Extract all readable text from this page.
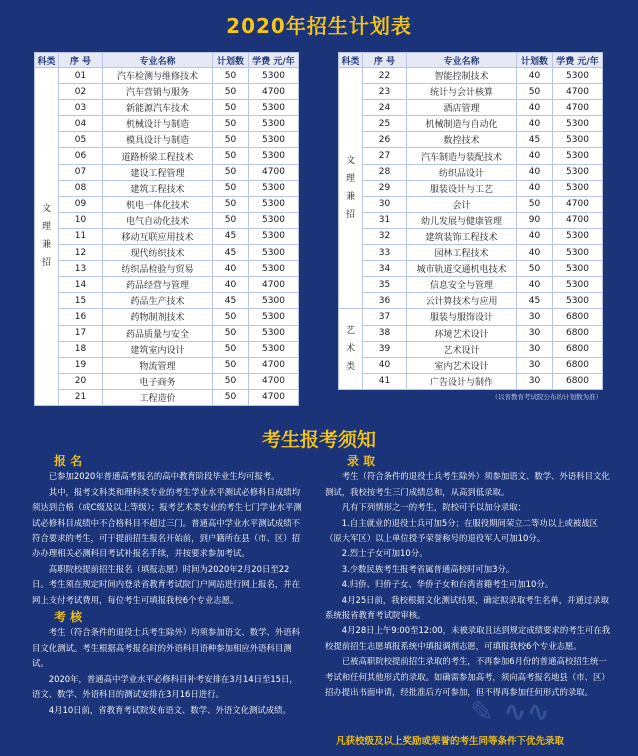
2020年招生计划表
科类	序 号	专业名称	计划数	学费 元/年
文
理
兼
招	01	汽车检测与维修技术	50	5300
	02	汽车营销与服务	50	4700
	03	新能源汽车技术	50	5300
	04	机械设计与制造	50	5300
	05	模具设计与制造	50	5300
	06	道路桥梁工程技术	50	5300
	07	建设工程管理	50	4700
	08	建筑工程技术	50	5300
	09	机电一体化技术	50	5300
	10	电气自动化技术	50	5300
	11	移动互联应用技术	45	5300
	12	现代纺织技术	45	5300
	13	纺织品检验与贸易	40	5300
	14	药品经营与管理	40	4700
	15	药品生产技术	45	5300
	16	药物制剂技术	50	5300
	17	药品质量与安全	50	5300
	18	建筑室内设计	50	5300
	19	物流管理	50	4700
	20	电子商务	50	4700
	21	工程造价	50	4700
科类	序 号	专业名称	计划数	学费 元/年
文
理
兼
招	22	智能控制技术	40	5300
	23	统计与会计核算	50	4700
	24	酒店管理	40	4700
	25	机械制造与自动化	40	5300
	26	数控技术	45	5300
	27	汽车制造与装配技术	40	5300
	28	纺织品设计	40	5300
	29	服装设计与工艺	40	5300
	30	会计	50	4700
	31	幼儿发展与健康管理	90	4700
	32	建筑装饰工程技术	40	5300
	33	园林工程技术	40	5300
	34	城市轨道交通机电技术	50	5300
	35	信息安全与管理	40	5300
	36	云计算技术与应用	45	5300
艺
术
类	37	服装与服饰设计	30	6800
	38	环境艺术设计	30	6800
	39	艺术设计	30	6800
	40	室内艺术设计	30	6800
	41	广告设计与制作	30	6800
（以省教育考试院公布的计划数为准）
考生报考须知

报 名

已参加2020年普通高考报名的高中教育阶段毕业生均可报考。

其中，报考文科类和理科类专业的考生学业水平测试必修科目成绩均须达到合格（或C级及以上等级）；报考艺术类专业的考生七门学业水平测试必修科目成绩中不合格科目不超过三门。普通高中学业水平测试成绩不符合要求的考生，可于提前招生报名开始前，到户籍所在县（市、区）招办办理相关必测科目考试补报名手续，并按要求参加考试。

高职院校提前招生报名（填报志愿）时间为2020年2月20日至22日。考生须在规定时间内登录省教育考试院门户网站进行网上报名，并在网上支付考试费用，每位考生可填报我校6个专业志愿。

考 核

考生（符合条件的退役士兵考生除外）均须参加语文、数学、外语科目文化测试。考生根据高考报名时的外语科目语种参加相应外语科目测试。

2020年，普通高中学业水平必修科目补考安排在3月14日至15日，语文、数学、外语科目的测试安排在3月16日进行。

4月10日前，省教育考试院发布语文、数学、外语文化测试成绩。

录 取

考生（符合条件的退役士兵考生除外）须参加语文、数学、外语科目文化测试，我校按考生三门成绩总和，从高到低录取。

凡有下列情形之一的考生，院校可予以加分录取：

1.自主就业的退役士兵可加5分；在服役期间荣立二等功以上或被战区（原大军区）以上单位授予荣誉称号的退役军人可加10分。

2.烈士子女可加10分。

3.少数民族考生报考省属普通高校时可加3分。

4.归侨、归侨子女、华侨子女和台湾省籍考生可加10分。

4月25日前，我校根据文化测试结果，确定拟录取考生名单，并通过录取系统报省教育考试院审核。

4月28日上午9:00至12:00，未被录取且达到规定成绩要求的考生可在我校提前招生志愿填报系统中填报调剂志愿，可填报我校6个专业志愿。

已被高职院校提前招生录取的考生，不再参加6月份的普通高校招生统一考试和任何其他形式的录取。如确需参加高考，须向高考报名地县（市、区）招办提出书面申请，经批准后方可参加，但不得再参加任何形式的录取。

✎ ∿∿
凡获校级及以上奖励或荣誉的考生同等条件下优先录取
